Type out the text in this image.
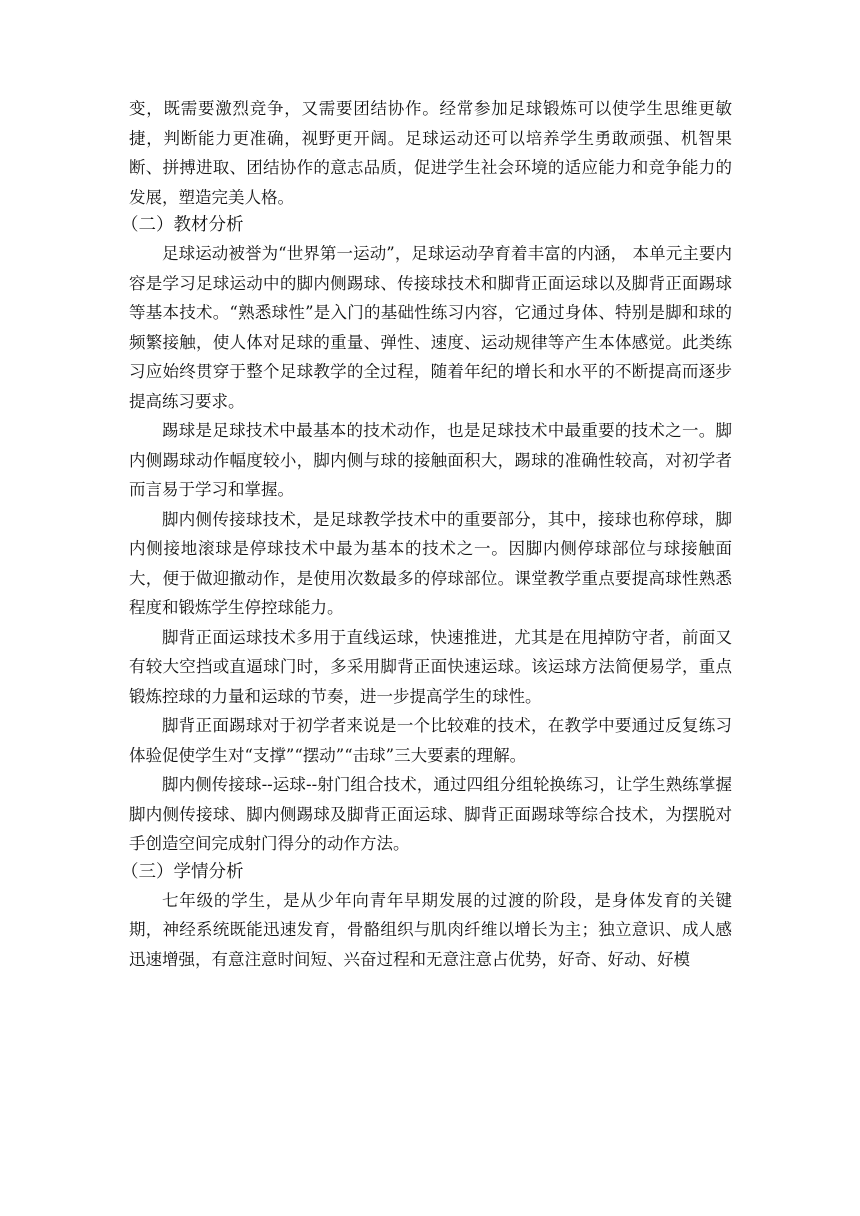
变，既需要激烈竞争，又需要团结协作。经常参加足球锻炼可以使学生思维更敏捷，判断能力更准确，视野更开阔。足球运动还可以培养学生勇敢顽强、机智果断、拼搏进取、团结协作的意志品质，促进学生社会环境的适应能力和竞争能力的发展，塑造完美人格。

（二）教材分析

足球运动被誉为“世界第一运动”，足球运动孕育着丰富的内涵， 本单元主要内容是学习足球运动中的脚内侧踢球、传接球技术和脚背正面运球以及脚背正面踢球等基本技术。“熟悉球性”是入门的基础性练习内容，它通过身体、特别是脚和球的频繁接触，使人体对足球的重量、弹性、速度、运动规律等产生本体感觉。此类练习应始终贯穿于整个足球教学的全过程，随着年纪的增长和水平的不断提高而逐步提高练习要求。

踢球是足球技术中最基本的技术动作，也是足球技术中最重要的技术之一。脚内侧踢球动作幅度较小，脚内侧与球的接触面积大，踢球的准确性较高，对初学者而言易于学习和掌握。

脚内侧传接球技术，是足球教学技术中的重要部分，其中，接球也称停球，脚内侧接地滚球是停球技术中最为基本的技术之一。因脚内侧停球部位与球接触面大，便于做迎撤动作，是使用次数最多的停球部位。课堂教学重点要提高球性熟悉程度和锻炼学生停控球能力。

脚背正面运球技术多用于直线运球，快速推进，尤其是在甩掉防守者，前面又有较大空挡或直逼球门时，多采用脚背正面快速运球。该运球方法简便易学，重点锻炼控球的力量和运球的节奏，进一步提高学生的球性。

脚背正面踢球对于初学者来说是一个比较难的技术，在教学中要通过反复练习体验促使学生对“支撑”“摆动”“击球”三大要素的理解。

脚内侧传接球--运球--射门组合技术，通过四组分组轮换练习，让学生熟练掌握脚内侧传接球、脚内侧踢球及脚背正面运球、脚背正面踢球等综合技术，为摆脱对手创造空间完成射门得分的动作方法。

（三）学情分析

七年级的学生，是从少年向青年早期发展的过渡的阶段，是身体发育的关键期，神经系统既能迅速发育，骨骼组织与肌肉纤维以增长为主；独立意识、成人感迅速增强，有意注意时间短、兴奋过程和无意注意占优势，好奇、好动、好模
